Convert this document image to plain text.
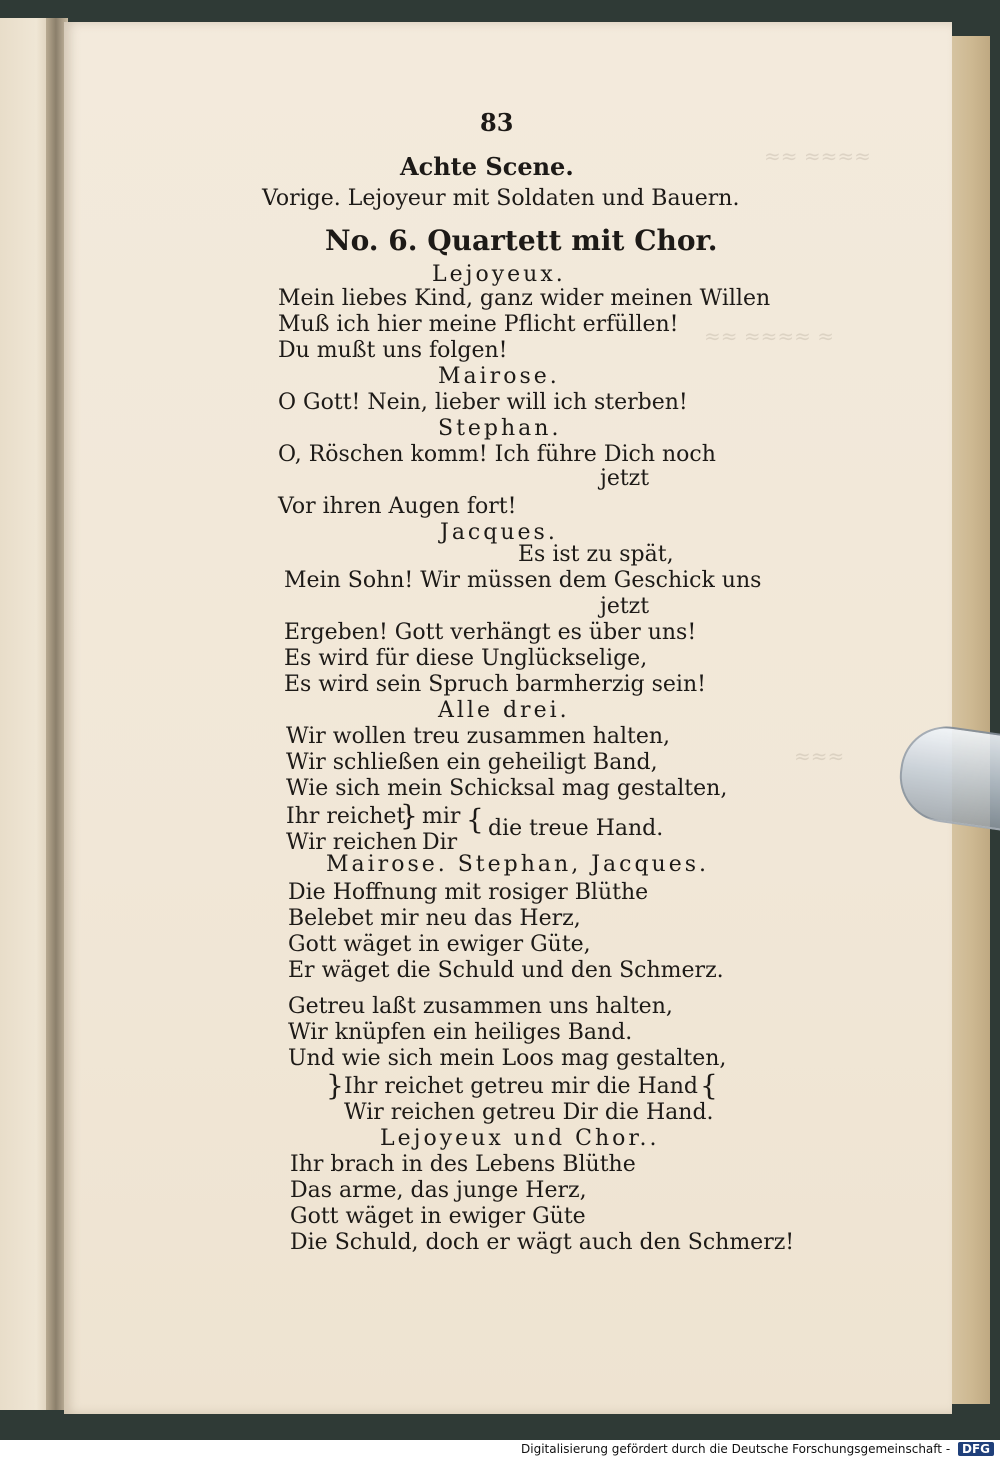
≈≈ ≈≈≈≈
≈≈ ≈≈≈≈ ≈
≈≈≈
83
Achte Scene.
Vorige. Lejoyeur mit Soldaten und Bauern.
No. 6. Quartett mit Chor.
Lejoyeux.
Mein liebes Kind, ganz wider meinen Willen
Muß ich hier meine Pflicht erfüllen!
Du mußt uns folgen!
Mairose.
O Gott! Nein, lieber will ich sterben!
Stephan.
O, Röschen komm! Ich führe Dich noch
jetzt
Vor ihren Augen fort!
Jacques.
Es ist zu spät,
Mein Sohn! Wir müssen dem Geschick uns
jetzt
Ergeben! Gott verhängt es über uns!
Es wird für diese Unglückselige,
Es wird sein Spruch barmherzig sein!
Alle drei.
Wir wollen treu zusammen halten,
Wir schließen ein geheiligt Band,
Wie sich mein Schicksal mag gestalten,
Ihr reichet
} mir { die treue Hand.
Wir reichen Dir
Mairose. Stephan, Jacques.
Die Hoffnung mit rosiger Blüthe
Belebet mir neu das Herz,
Gott wäget in ewiger Güte,
Er wäget die Schuld und den Schmerz.
Getreu laßt zusammen uns halten,
Wir knüpfen ein heiliges Band.
Und wie sich mein Loos mag gestalten,
} Ihr reichet getreu mir die Hand
Wir reichen getreu Dir die Hand.
{
Lejoyeux und Chor..
Ihr brach in des Lebens Blüthe
Das arme, das junge Herz,
Gott wäget in ewiger Güte
Die Schuld, doch er wägt auch den Schmerz!
Digitalisierung gefördert durch die Deutsche Forschungsgemeinschaft - DFG
